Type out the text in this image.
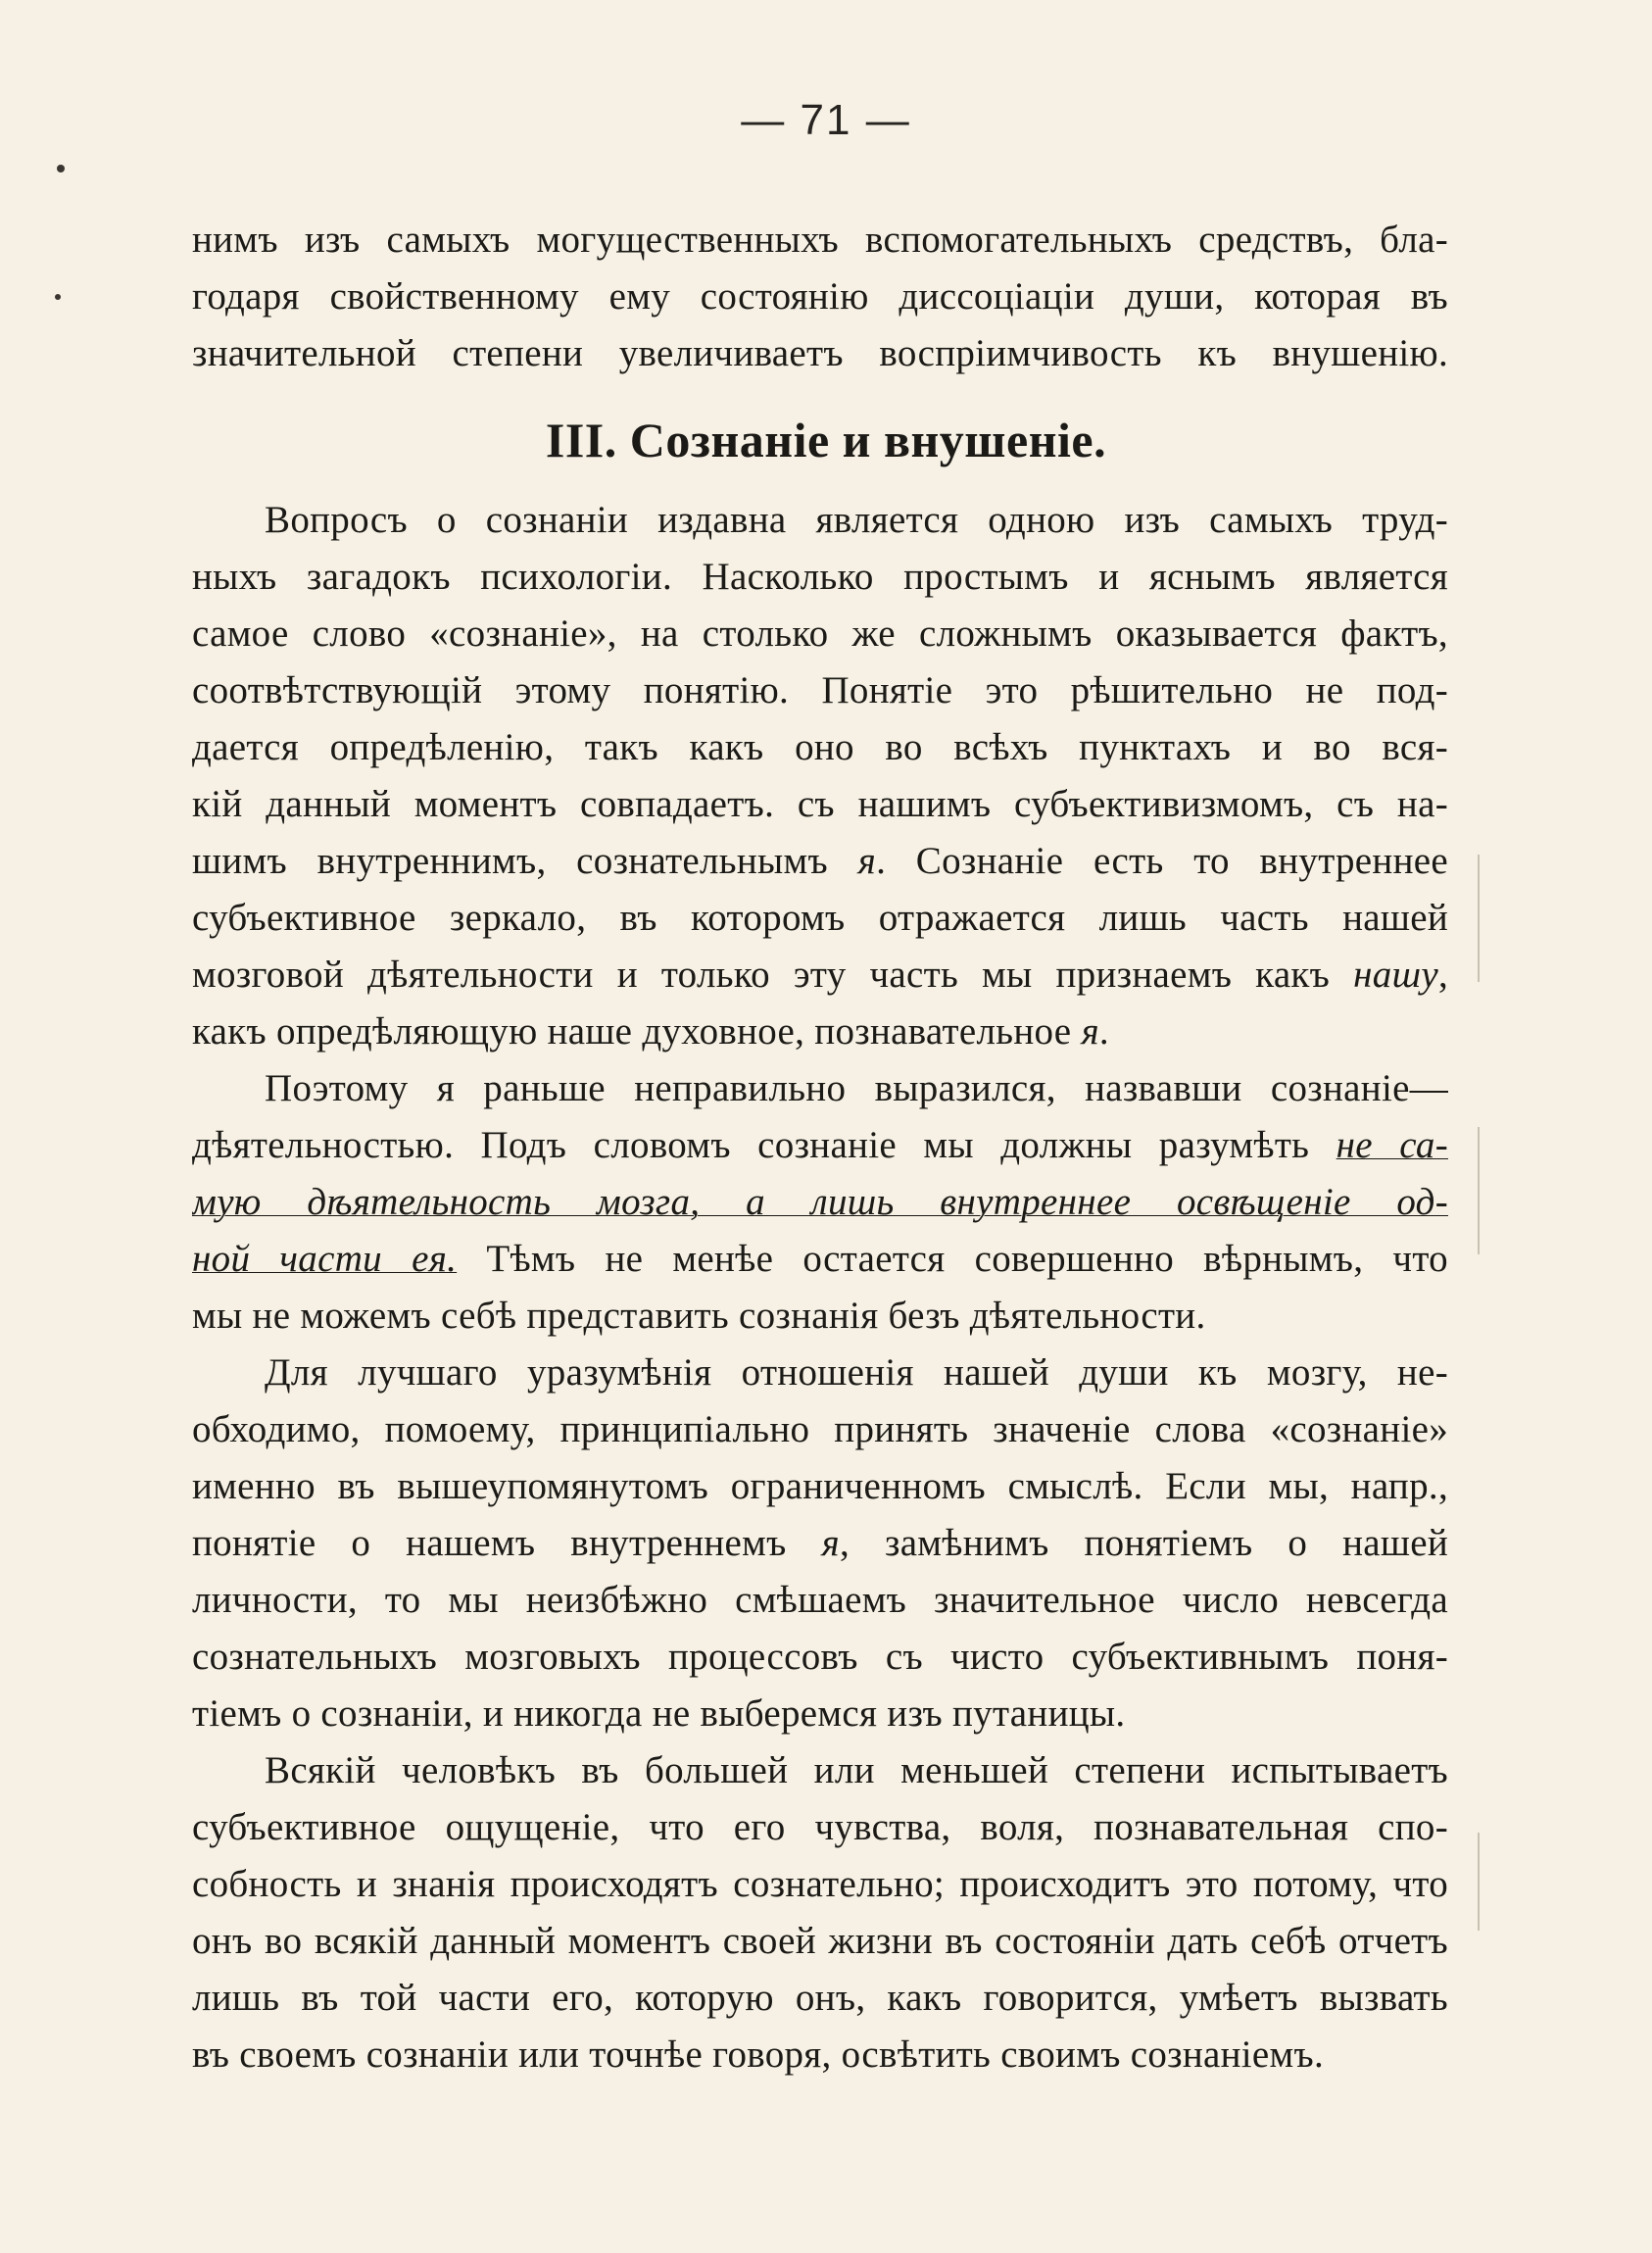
— 71 —
нимъ изъ самыхъ могущественныхъ вспомогательныхъ средствъ, бла-
годаря свойственному ему состоянію диссоціаціи души, которая въ
значительной степени увеличиваетъ воспріимчивость къ внушенію.
III. Сознаніе и внушеніе.
Вопросъ о сознаніи издавна является одною изъ самыхъ труд-
ныхъ загадокъ психологіи. Насколько простымъ и яснымъ является
самое слово «сознаніе», на столько же сложнымъ оказывается фактъ,
соотвѣтствующій этому понятію. Понятіе это рѣшительно не под-
дается опредѣленію, такъ какъ оно во всѣхъ пунктахъ и во вся-
кій данный моментъ совпадаетъ. съ нашимъ субъективизмомъ, съ на-
шимъ внутреннимъ, сознательнымъ я. Сознаніе есть то внутреннее
субъективное зеркало, въ которомъ отражается лишь часть нашей
мозговой дѣятельности и только эту часть мы признаемъ какъ нашу,
какъ опредѣляющую наше духовное, познавательное я.
Поэтому я раньше неправильно выразился, назвавши сознаніе—
дѣятельностью. Подъ словомъ сознаніе мы должны разумѣть не са-
мую дѣятельность мозга, а лишь внутреннее освѣщеніе од-
ной части ея. Тѣмъ не менѣе остается совершенно вѣрнымъ, что
мы не можемъ себѣ представить сознанія безъ дѣятельности.
Для лучшаго уразумѣнія отношенія нашей души къ мозгу, не-
обходимо, помоему, принципіально принять значеніе слова «сознаніе»
именно въ вышеупомянутомъ ограниченномъ смыслѣ. Если мы, напр.,
понятіе о нашемъ внутреннемъ я, замѣнимъ понятіемъ о нашей
личности, то мы неизбѣжно смѣшаемъ значительное число невсегда
сознательныхъ мозговыхъ процессовъ съ чисто субъективнымъ поня-
тіемъ о сознаніи, и никогда не выберемся изъ путаницы.
Всякій человѣкъ въ большей или меньшей степени испытываетъ
субъективное ощущеніе, что его чувства, воля, познавательная спо-
собность и знанія происходятъ сознательно; происходитъ это потому, что
онъ во всякій данный моментъ своей жизни въ состояніи дать себѣ отчетъ
лишь въ той части его, которую онъ, какъ говорится, умѣетъ вызвать
въ своемъ сознаніи или точнѣе говоря, освѣтить своимъ сознаніемъ.
